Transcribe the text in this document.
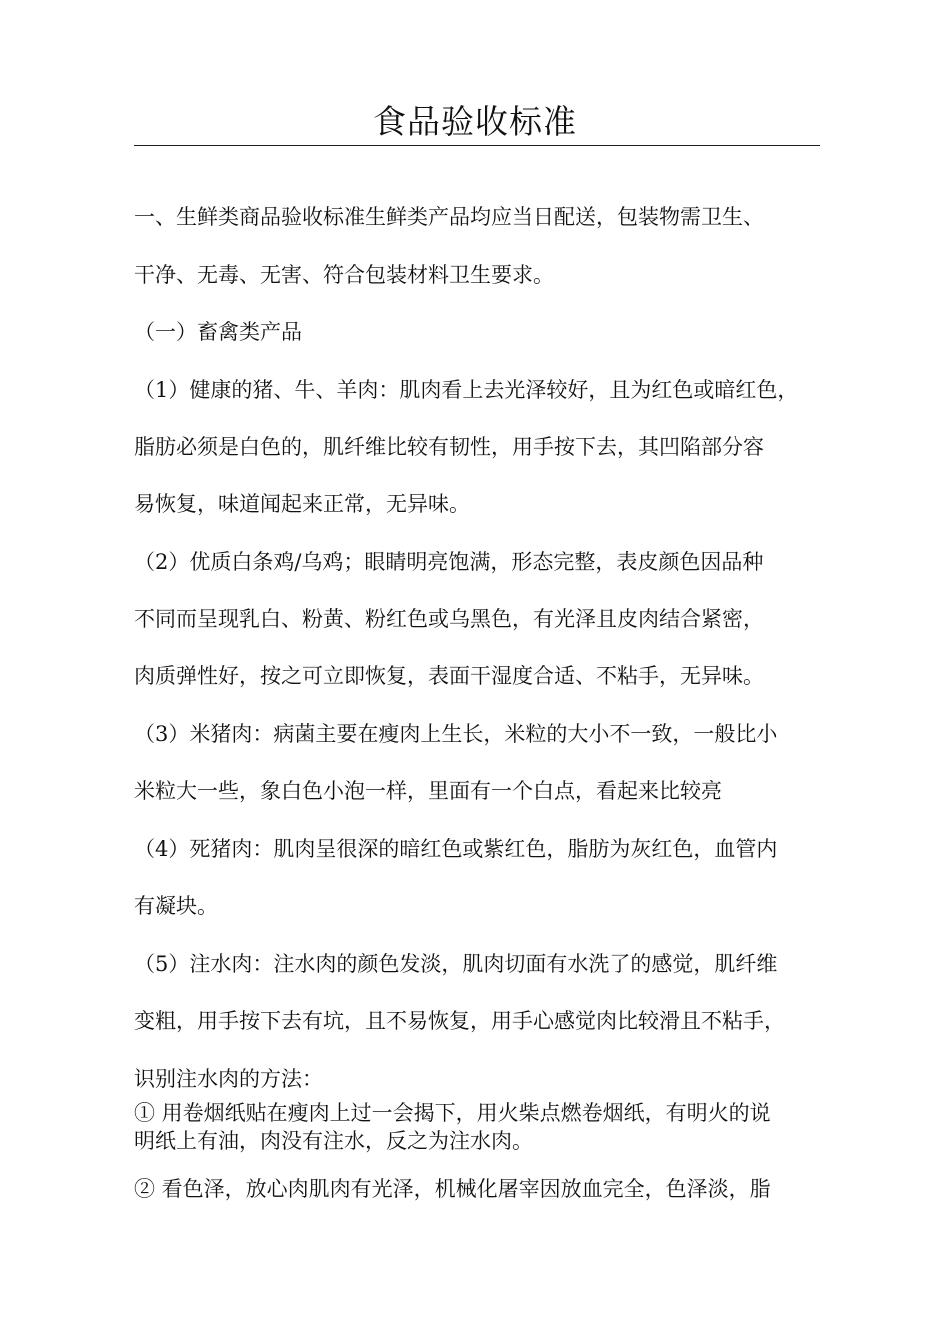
食品验收标准
一、生鲜类商品验收标准生鲜类产品均应当日配送，包装物需卫生、
干净、无毒、无害、符合包装材料卫生要求。
（一）畜禽类产品
（1）健康的猪、牛、羊肉：肌肉看上去光泽较好，且为红色或暗红色，
脂肪必须是白色的，肌纤维比较有韧性，用手按下去，其凹陷部分容
易恢复，味道闻起来正常，无异味。
（2）优质白条鸡/乌鸡；眼睛明亮饱满，形态完整，表皮颜色因品种
不同而呈现乳白、粉黄、粉红色或乌黑色，有光泽且皮肉结合紧密，
肉质弹性好，按之可立即恢复，表面干湿度合适、不粘手，无异味。
（3）米猪肉：病菌主要在瘦肉上生长，米粒的大小不一致，一般比小
米粒大一些，象白色小泡一样，里面有一个白点，看起来比较亮
（4）死猪肉：肌肉呈很深的暗红色或紫红色，脂肪为灰红色，血管内
有凝块。
（5）注水肉：注水肉的颜色发淡，肌肉切面有水洗了的感觉，肌纤维
变粗，用手按下去有坑，且不易恢复，用手心感觉肉比较滑且不粘手，
识别注水肉的方法：
① 用卷烟纸贴在瘦肉上过一会揭下，用火柴点燃卷烟纸，有明火的说
明纸上有油，肉没有注水，反之为注水肉。
② 看色泽，放心肉肌肉有光泽，机械化屠宰因放血完全，色泽淡，脂
